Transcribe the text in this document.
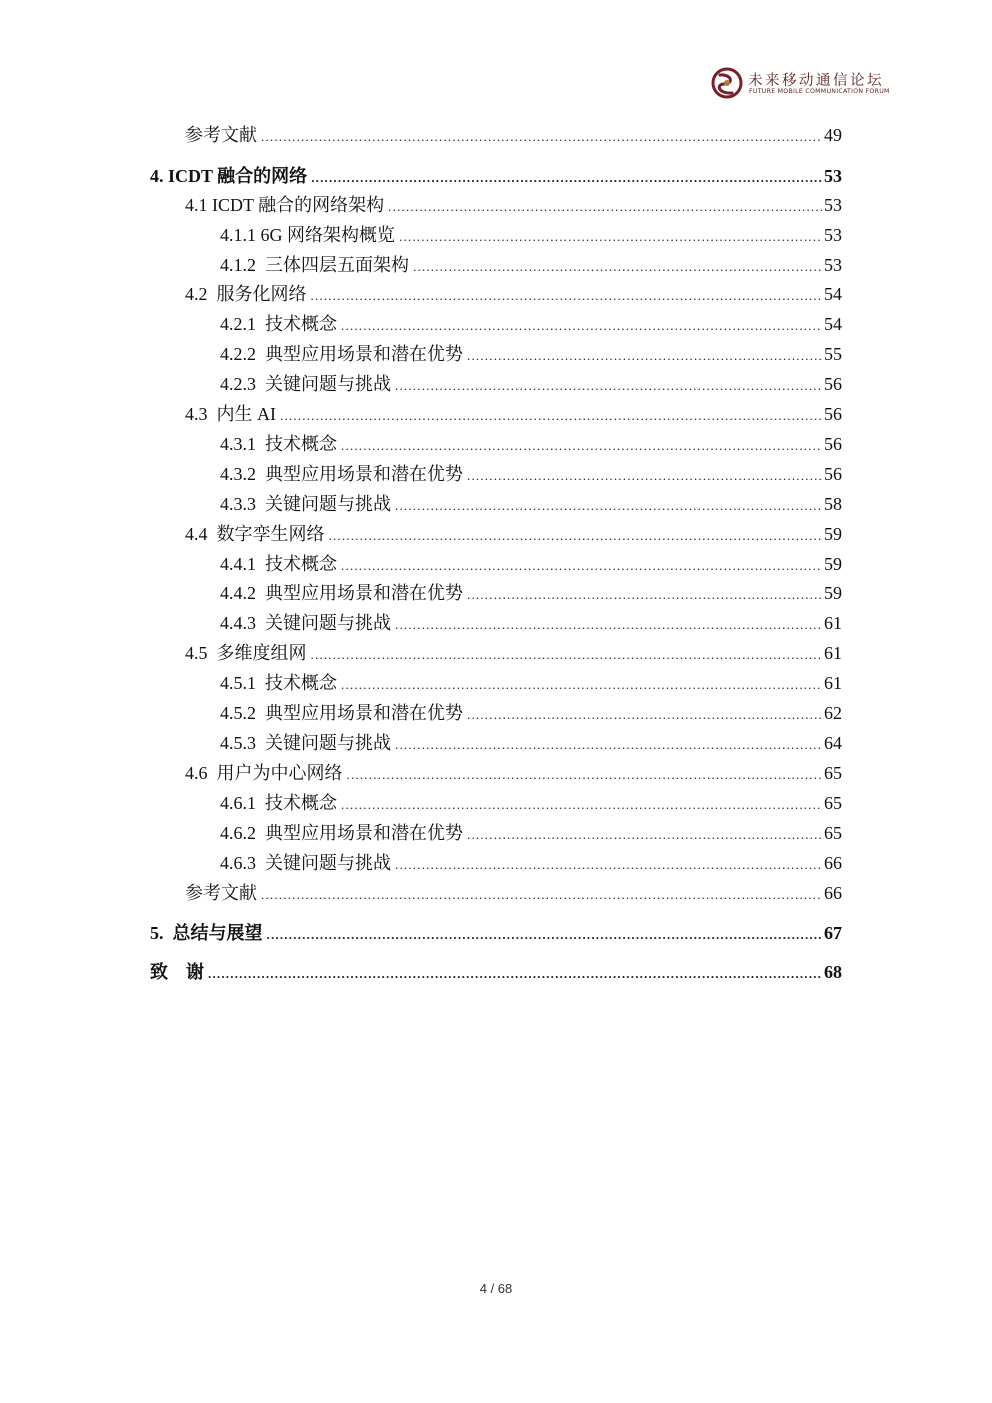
未来移动通信论坛
FUTURE MOBILE COMMUNICATION FORUM
参考文献 .....	49
4. ICDT 融合的网络 .....	53
4.1 ICDT 融合的网络架构 .....	53
4.1.1 6G 网络架构概览 .....	53
4.1.2  三体四层五面架构 .....	53
4.2  服务化网络 .....	54
4.2.1  技术概念 .....	54
4.2.2  典型应用场景和潜在优势 .....	55
4.2.3  关键问题与挑战 .....	56
4.3  内生 AI .....	56
4.3.1  技术概念 .....	56
4.3.2  典型应用场景和潜在优势 .....	56
4.3.3  关键问题与挑战 .....	58
4.4  数字孪生网络 .....	59
4.4.1  技术概念 .....	59
4.4.2  典型应用场景和潜在优势 .....	59
4.4.3  关键问题与挑战 .....	61
4.5  多维度组网 .....	61
4.5.1  技术概念 .....	61
4.5.2  典型应用场景和潜在优势 .....	62
4.5.3  关键问题与挑战 .....	64
4.6  用户为中心网络 .....	65
4.6.1  技术概念 .....	65
4.6.2  典型应用场景和潜在优势 .....	65
4.6.3  关键问题与挑战 .....	66
参考文献 .....	66
5.  总结与展望 .....	67
致    谢 .....	68
4 / 68
